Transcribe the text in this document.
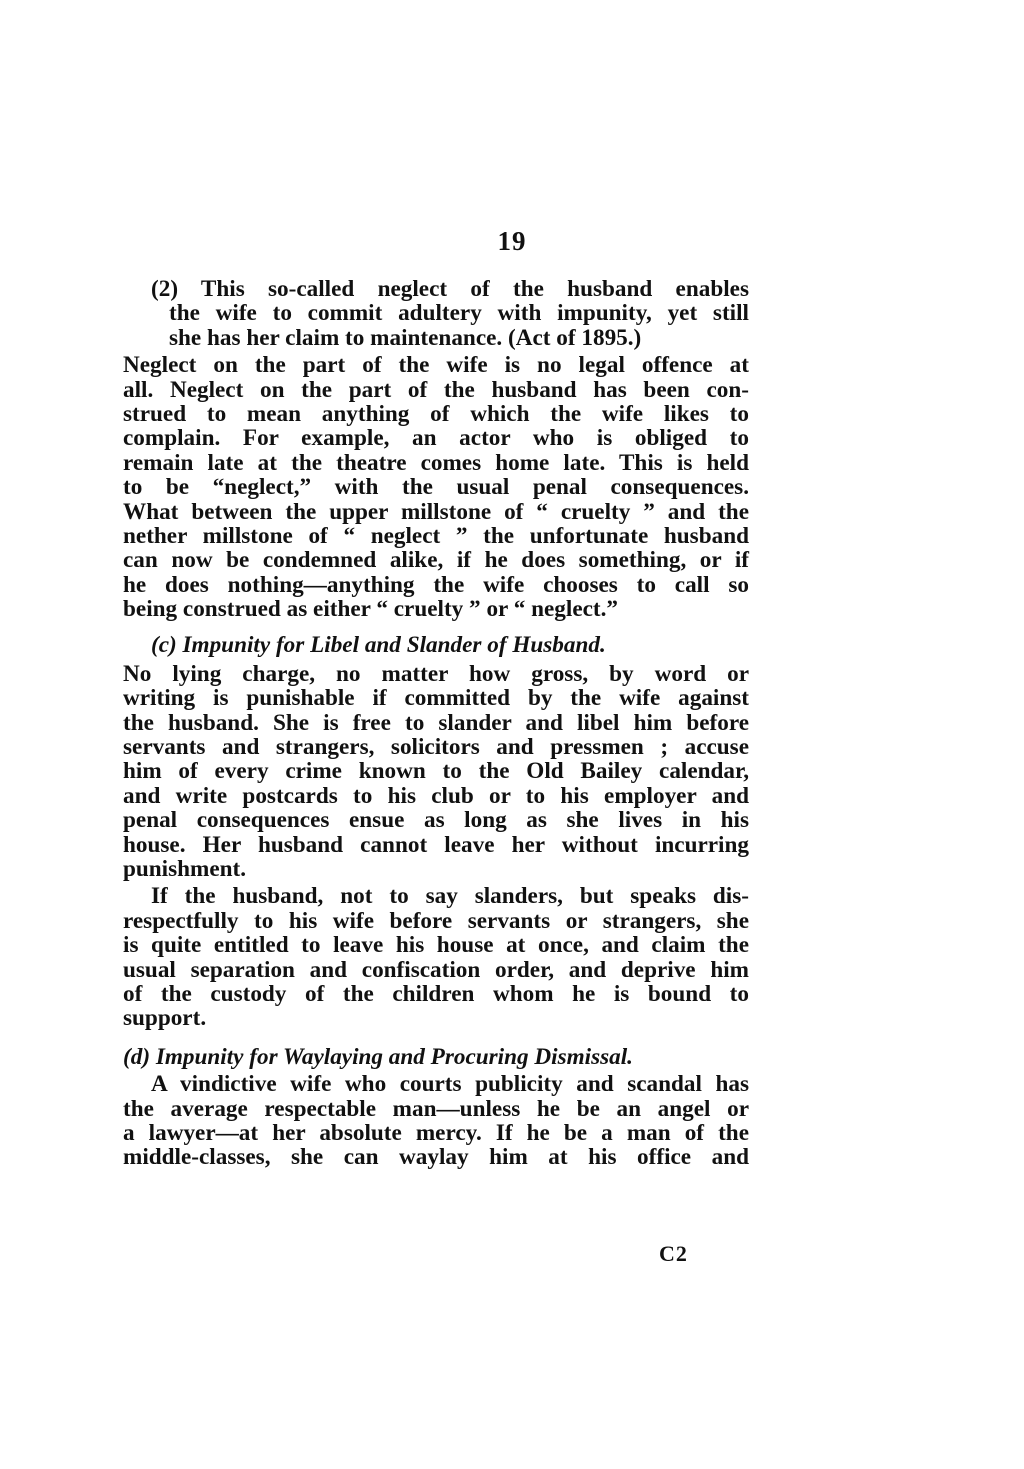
19
(2) This so-called neglect of the husband enables
the wife to commit adultery with impunity, yet still
she has her claim to maintenance. (Act of 1895.)
Neglect on the part of the wife is no legal offence at
all. Neglect on the part of the husband has been con-
strued to mean anything of which the wife likes to
complain. For example, an actor who is obliged to
remain late at the theatre comes home late. This is held
to be “neglect,” with the usual penal consequences.
What between the upper millstone of “ cruelty ” and the
nether millstone of “ neglect ” the unfortunate husband
can now be condemned alike, if he does something, or if
he does nothing—anything the wife chooses to call so
being construed as either “ cruelty ” or “ neglect.”
(c) Impunity for Libel and Slander of Husband.
No lying charge, no matter how gross, by word or
writing is punishable if committed by the wife against
the husband. She is free to slander and libel him before
servants and strangers, solicitors and pressmen ; accuse
him of every crime known to the Old Bailey calendar,
and write postcards to his club or to his employer and
penal consequences ensue as long as she lives in his
house. Her husband cannot leave her without incurring
punishment.
If the husband, not to say slanders, but speaks dis-
respectfully to his wife before servants or strangers, she
is quite entitled to leave his house at once, and claim the
usual separation and confiscation order, and deprive him
of the custody of the children whom he is bound to
support.
(d) Impunity for Waylaying and Procuring Dismissal.
A vindictive wife who courts publicity and scandal has
the average respectable man—unless he be an angel or
a lawyer—at her absolute mercy. If he be a man of the
middle-classes, she can waylay him at his office and
C2
